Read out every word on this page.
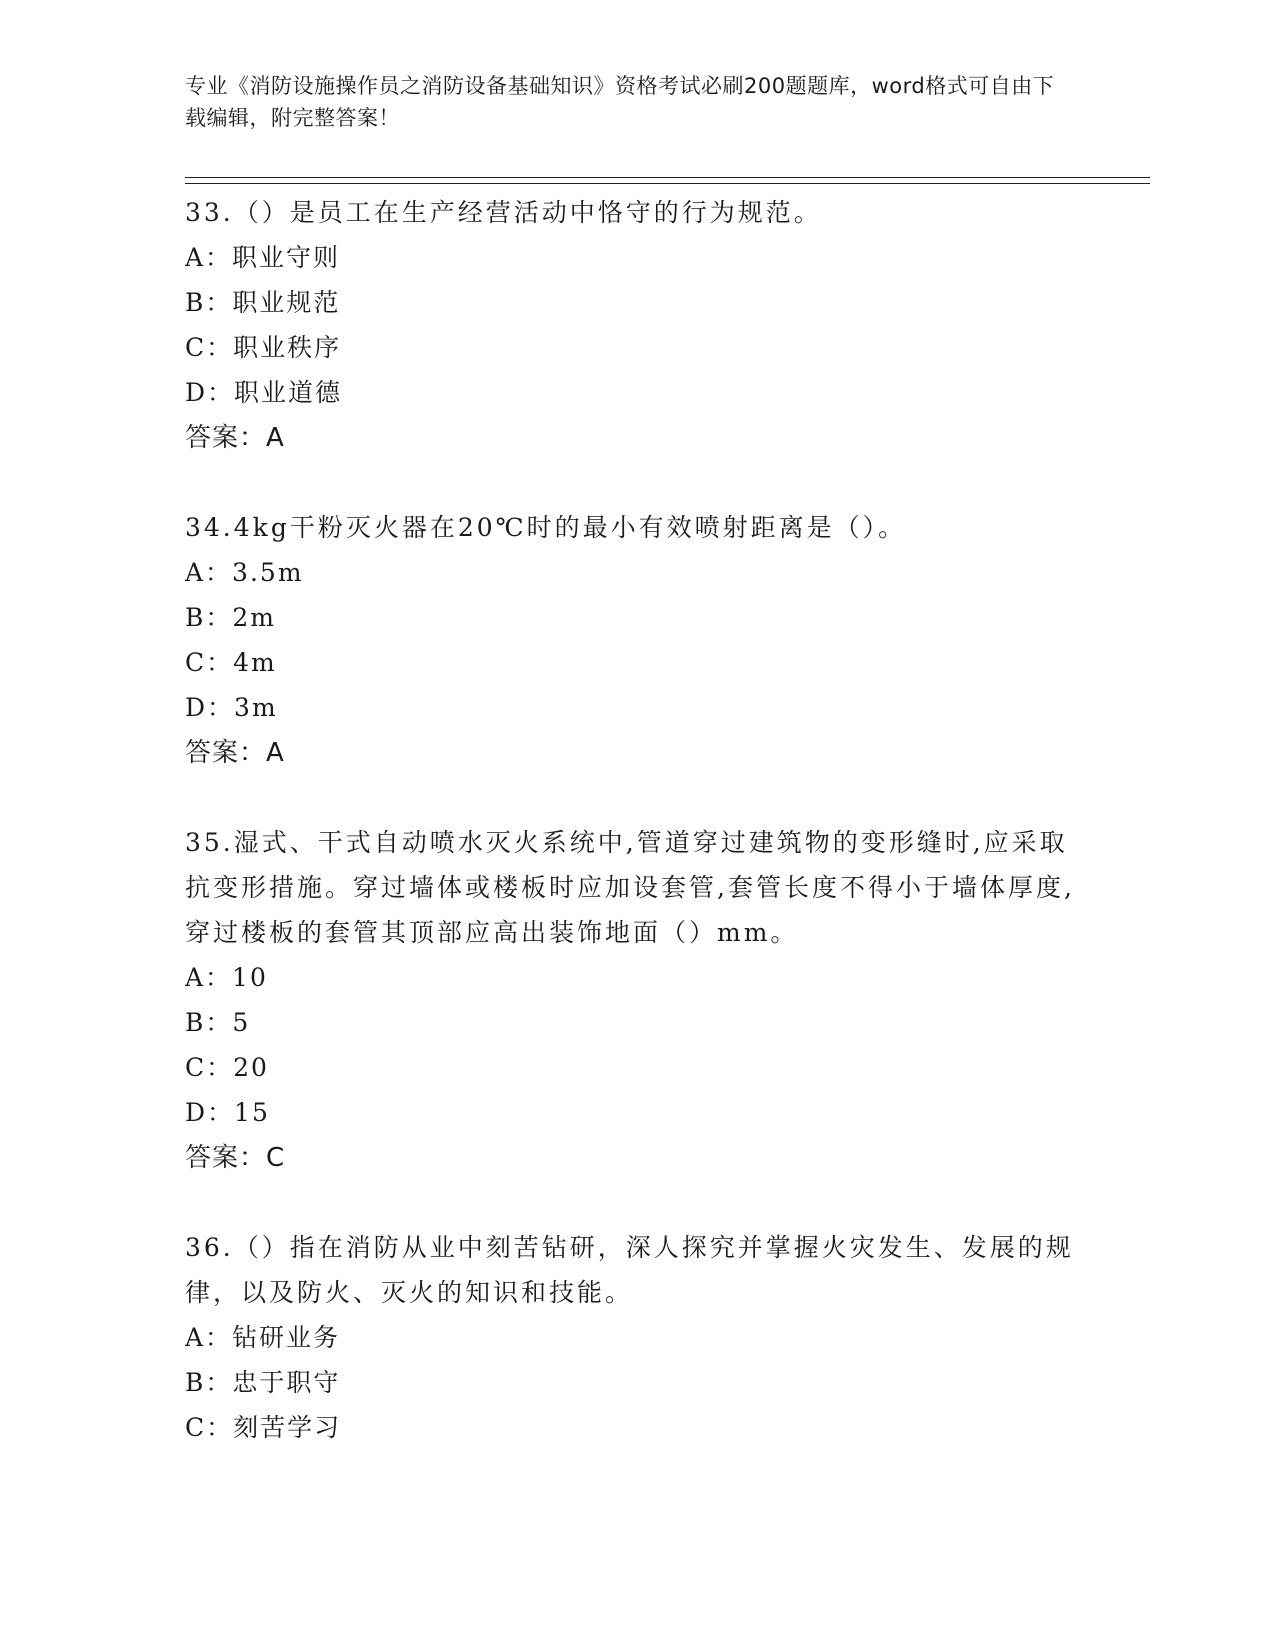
专业《消防设施操作员之消防设备基础知识》资格考试必刷200题题库，word格式可自由下载编辑，附完整答案！

33.（）是员工在生产经营活动中恪守的行为规范。

A：职业守则

B：职业规范

C：职业秩序

D：职业道德

答案：A

34.4kg干粉灭火器在20℃时的最小有效喷射距离是（）。

A：3.5m

B：2m

C：4m

D：3m

答案：A

35.湿式、干式自动喷水灭火系统中,管道穿过建筑物的变形缝时,应采取抗变形措施。穿过墙体或楼板时应加设套管,套管长度不得小于墙体厚度,穿过楼板的套管其顶部应高出装饰地面（）mm。

A：10

B：5

C：20

D：15

答案：C

36.（）指在消防从业中刻苦钻研，深人探究并掌握火灾发生、发展的规律，以及防火、灭火的知识和技能。

A：钻研业务

B：忠于职守

C：刻苦学习
